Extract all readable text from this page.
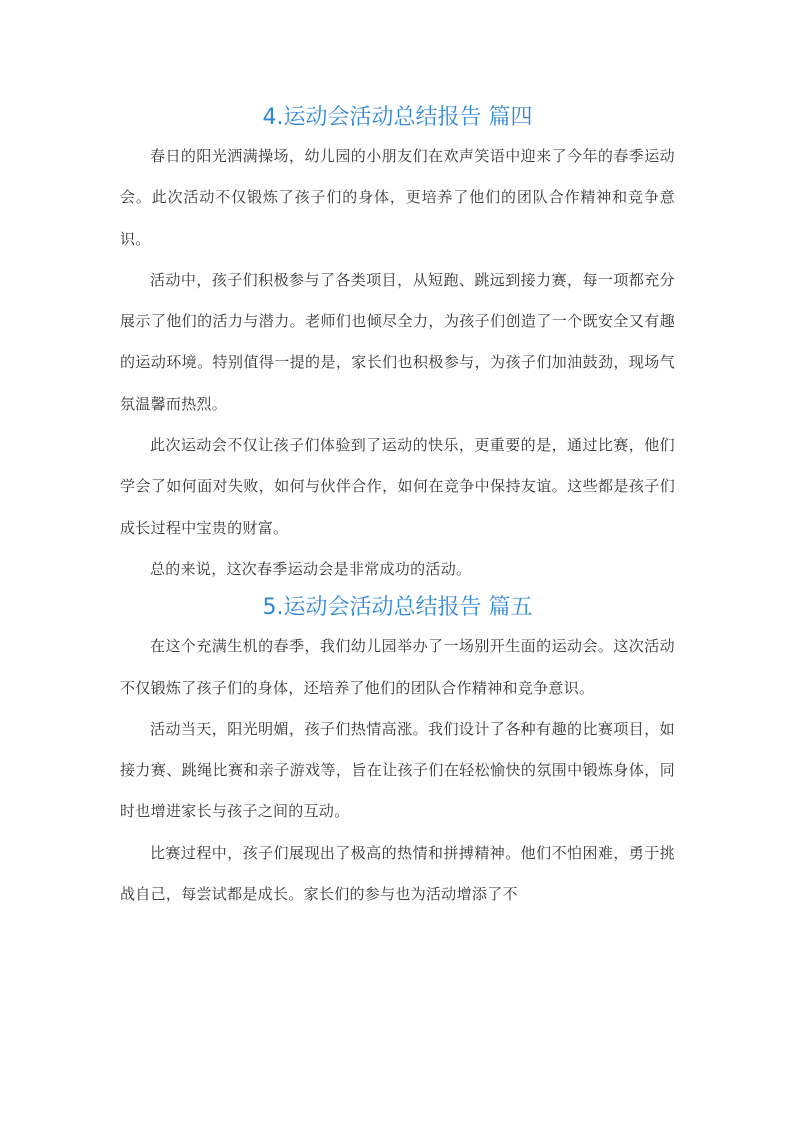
4.运动会活动总结报告 篇四

春日的阳光洒满操场，幼儿园的小朋友们在欢声笑语中迎来了今年的春季运动会。此次活动不仅锻炼了孩子们的身体，更培养了他们的团队合作精神和竞争意识。

活动中，孩子们积极参与了各类项目，从短跑、跳远到接力赛，每一项都充分展示了他们的活力与潜力。老师们也倾尽全力，为孩子们创造了一个既安全又有趣的运动环境。特别值得一提的是，家长们也积极参与，为孩子们加油鼓劲，现场气氛温馨而热烈。

此次运动会不仅让孩子们体验到了运动的快乐，更重要的是，通过比赛，他们学会了如何面对失败，如何与伙伴合作，如何在竞争中保持友谊。这些都是孩子们成长过程中宝贵的财富。

总的来说，这次春季运动会是非常成功的活动。

5.运动会活动总结报告 篇五

在这个充满生机的春季，我们幼儿园举办了一场别开生面的运动会。这次活动不仅锻炼了孩子们的身体，还培养了他们的团队合作精神和竞争意识。

活动当天，阳光明媚，孩子们热情高涨。我们设计了各种有趣的比赛项目，如接力赛、跳绳比赛和亲子游戏等，旨在让孩子们在轻松愉快的氛围中锻炼身体，同时也增进家长与孩子之间的互动。

比赛过程中，孩子们展现出了极高的热情和拼搏精神。他们不怕困难，勇于挑战自己，每尝试都是成长。家长们的参与也为活动增添了不
